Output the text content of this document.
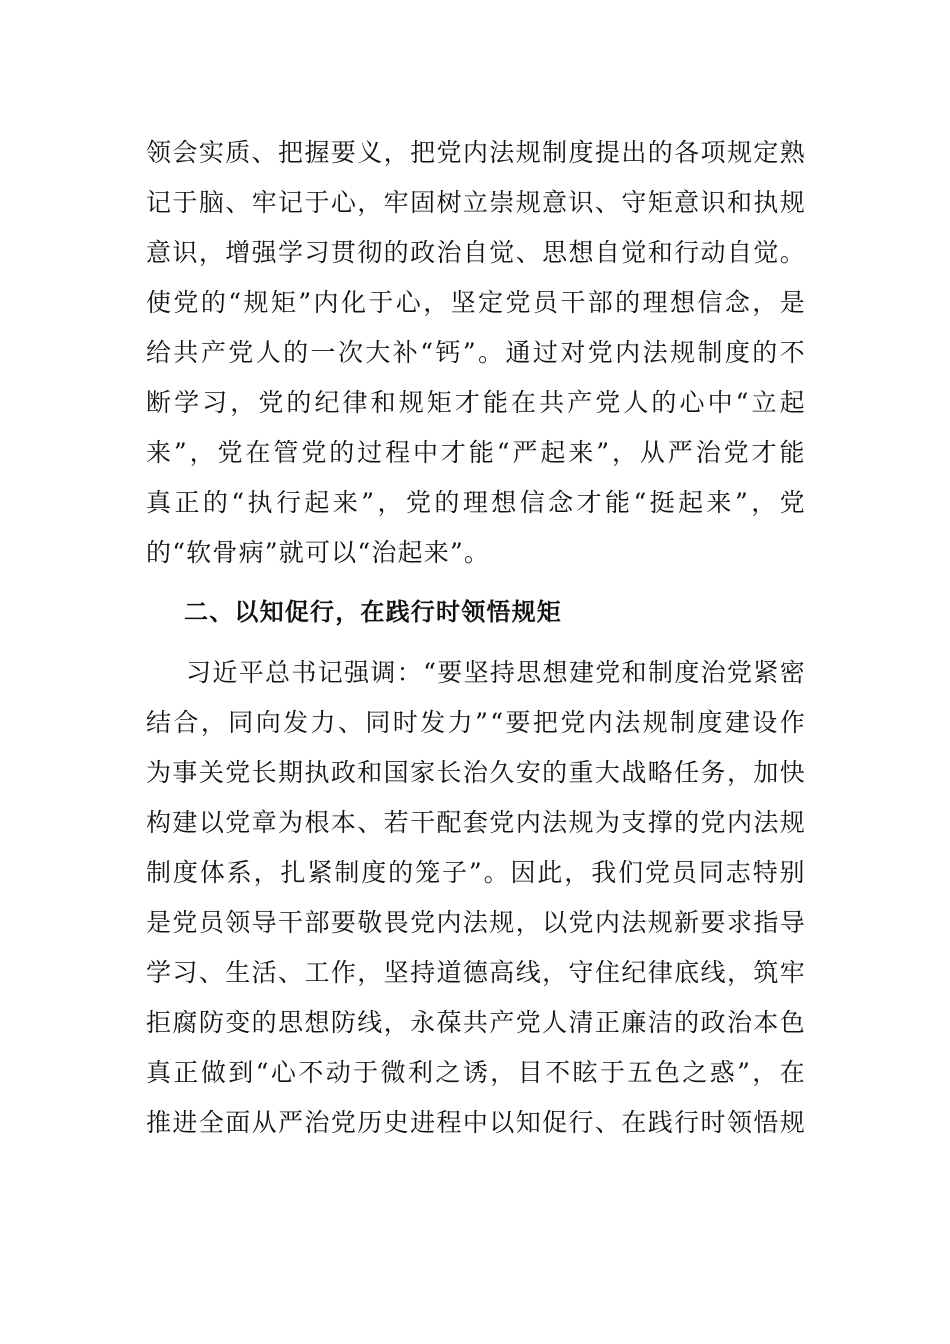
领 会 实 质 、 把 握 要 义 ， 把 党 内 法 规 制 度 提 出 的 各 项 规 定 熟
记 于 脑 、 牢 记 于 心 ， 牢 固 树 立 崇 规 意 识 、 守 矩 意 识 和 执 规
意 识 ， 增 强 学 习 贯 彻 的 政 治 自 觉 、 思 想 自 觉 和 行 动 自 觉 。
使 党 的 “ 规 矩 ” 内 化 于 心 ， 坚 定 党 员 干 部 的 理 想 信 念 ， 是
给 共 产 党 人 的 一 次 大 补 “ 钙 ” 。 通 过 对 党 内 法 规 制 度 的 不
断 学 习 ， 党 的 纪 律 和 规 矩 才 能 在 共 产 党 人 的 心 中 “ 立 起
来 ” ， 党 在 管 党 的 过 程 中 才 能 “ 严 起 来 ” ， 从 严 治 党 才 能
真 正 的 “ 执 行 起 来 ” ， 党 的 理 想 信 念 才 能 “ 挺 起 来 ” ， 党
的“软骨病”就可以“治起来”。
二、以知促行，在践行时领悟规矩
习 近 平 总 书 记 强 调 ： “ 要 坚 持 思 想 建 党 和 制 度 治 党 紧 密
结 合 ， 同 向 发 力 、 同 时 发 力 ” “ 要 把 党 内 法 规 制 度 建 设 作
为 事 关 党 长 期 执 政 和 国 家 长 治 久 安 的 重 大 战 略 任 务 ， 加 快
构 建 以 党 章 为 根 本 、 若 干 配 套 党 内 法 规 为 支 撑 的 党 内 法 规
制 度 体 系 ， 扎 紧 制 度 的 笼 子 ” 。 因 此 ， 我 们 党 员 同 志 特 别
是 党 员 领 导 干 部 要 敬 畏 党 内 法 规 ， 以 党 内 法 规 新 要 求 指 导
学 习 、 生 活 、 工 作 ， 坚 持 道 德 高 线 ， 守 住 纪 律 底 线 ， 筑 牢
拒 腐 防 变 的 思 想 防 线 ， 永 葆 共 产 党 人 清 正 廉 洁 的 政 治 本 色
真 正 做 到 “ 心 不 动 于 微 利 之 诱 ， 目 不 眩 于 五 色 之 惑 ” ， 在
推 进 全 面 从 严 治 党 历 史 进 程 中 以 知 促 行 、 在 践 行 时 领 悟 规
